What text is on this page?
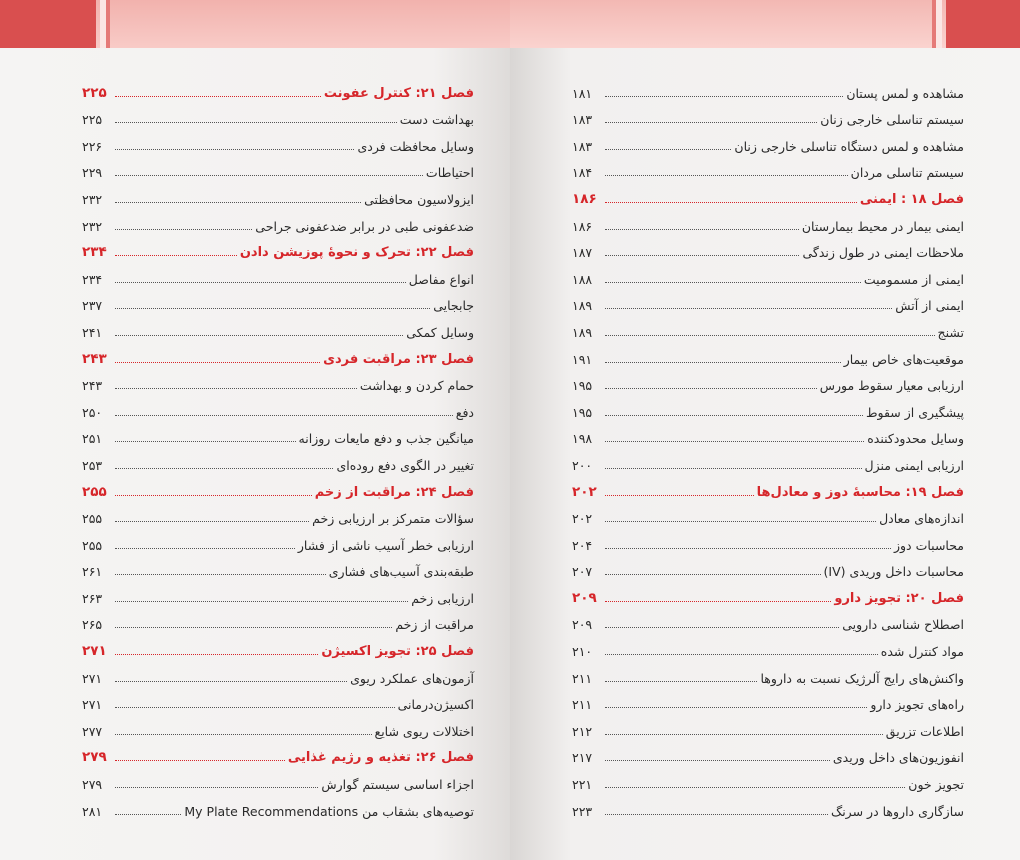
فصل ۲۱: کنترل عفونت
۲۲۵
بهداشت دست
۲۲۵
وسایل محافظت فردی
۲۲۶
احتیاطات
۲۲۹
ایزولاسیون محافظتی
۲۳۲
ضدعفونی طبی در برابر ضدعفونی جراحی
۲۳۲
فصل ۲۲: تحرک و نحوهٔ پوزیشن دادن
۲۳۴
انواع مفاصل
۲۳۴
جابجایی
۲۳۷
وسایل کمکی
۲۴۱
فصل ۲۳: مراقبت فردی
۲۴۳
حمام کردن و بهداشت
۲۴۳
دفع
۲۵۰
میانگین جذب و دفع مایعات روزانه
۲۵۱
تغییر در الگوی دفع روده‌ای
۲۵۳
فصل ۲۴: مراقبت از زخم
۲۵۵
سؤالات متمرکز بر ارزیابی زخم
۲۵۵
ارزیابی خطر آسیب ناشی از فشار
۲۵۵
طبقه‌بندی آسیب‌های فشاری
۲۶۱
ارزیابی زخم
۲۶۳
مراقبت از زخم
۲۶۵
فصل ۲۵: تجویز اکسیژن
۲۷۱
آزمون‌های عملکرد ریوی
۲۷۱
اکسیژن‌درمانی
۲۷۱
اختلالات ریوی شایع
۲۷۷
فصل ۲۶: تغذیه و رژیم غذایی
۲۷۹
اجزاء اساسی سیستم گوارش
۲۷۹
توصیه‌های بشقاب من My Plate Recommendations
۲۸۱
مشاهده و لمس پستان
۱۸۱
سیستم تناسلی خارجی زنان
۱۸۳
مشاهده و لمس دستگاه تناسلی خارجی زنان
۱۸۳
سیستم تناسلی مردان
۱۸۴
فصل ۱۸ : ایمنی
۱۸۶
ایمنی بیمار در محیط بیمارستان
۱۸۶
ملاحظات ایمنی در طول زندگی
۱۸۷
ایمنی از مسمومیت
۱۸۸
ایمنی از آتش
۱۸۹
تشنج
۱۸۹
موقعیت‌های خاص بیمار
۱۹۱
ارزیابی معیار سقوط مورس
۱۹۵
پیشگیری از سقوط
۱۹۵
وسایل محدودکننده
۱۹۸
ارزیابی ایمنی منزل
۲۰۰
فصل ۱۹: محاسبهٔ دوز و معادل‌ها
۲۰۲
اندازه‌های معادل
۲۰۲
محاسبات دوز
۲۰۴
محاسبات داخل وریدی (IV)
۲۰۷
فصل ۲۰: تجویز دارو
۲۰۹
اصطلاح شناسی دارویی
۲۰۹
مواد کنترل شده
۲۱۰
واکنش‌های رایج آلرژیک نسبت به داروها
۲۱۱
راه‌های تجویز دارو
۲۱۱
اطلاعات تزریق
۲۱۲
انفوزیون‌های داخل وریدی
۲۱۷
تجویز خون
۲۲۱
سازگاری داروها در سرنگ
۲۲۳
